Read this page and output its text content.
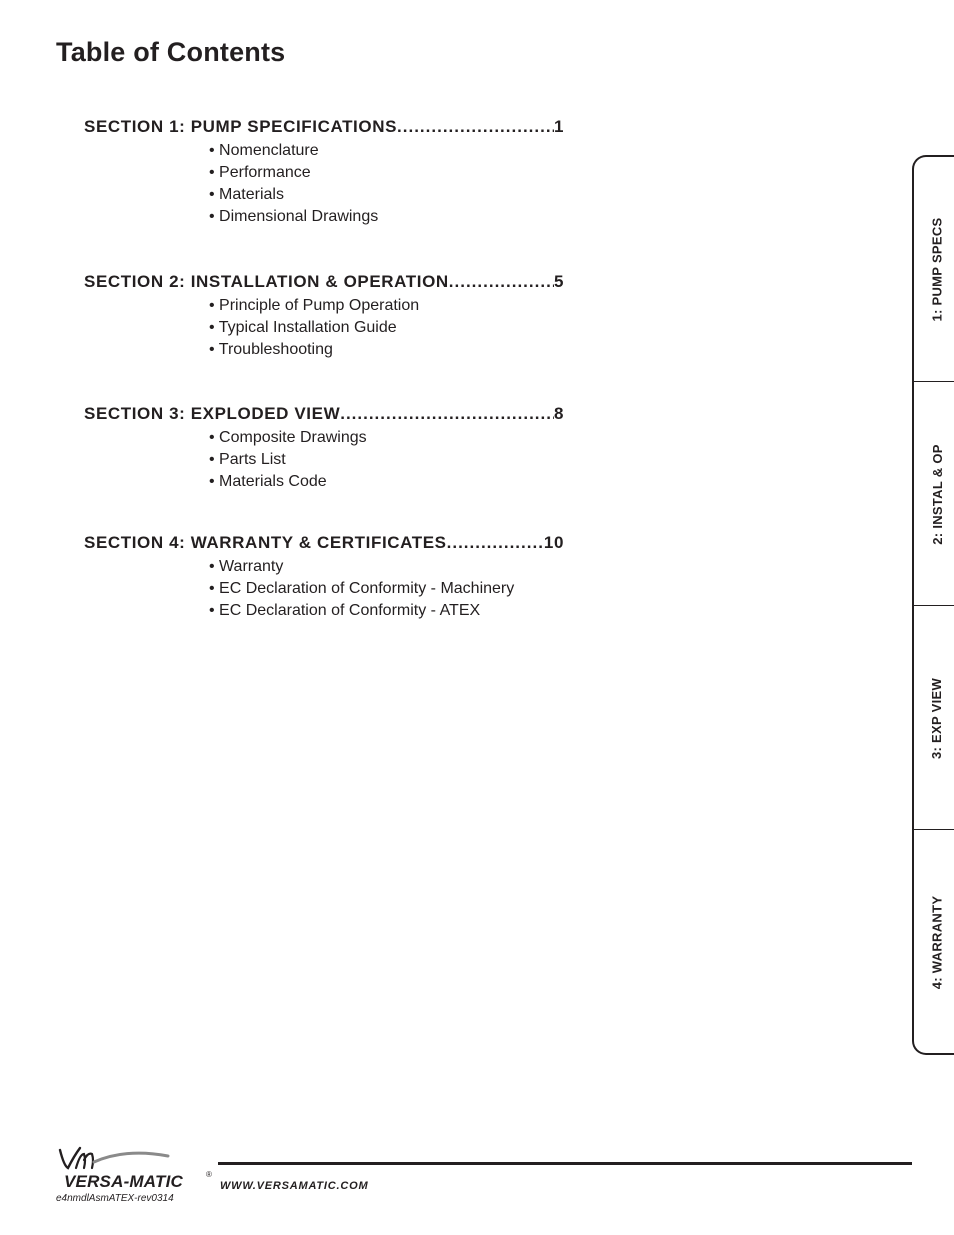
Table of Contents
SECTION 1: PUMP SPECIFICATIONS .....	1
• Nomenclature
• Performance
• Materials
• Dimensional Drawings
SECTION 2: INSTALLATION & OPERATION .....	5
• Principle of Pump Operation
• Typical Installation Guide
• Troubleshooting
SECTION 3: EXPLODED VIEW .....	8
• Composite Drawings
• Parts List
• Materials Code
SECTION 4: WARRANTY & CERTIFICATES .....	10
• Warranty
• EC Declaration of Conformity - Machinery
• EC Declaration of Conformity - ATEX
1: PUMP SPECS
2: INSTAL & OP
3: EXP VIEW
4: WARRANTY
VERSA-MATIC	®
WWW.VERSAMATIC.COM
e4nmdlAsmATEX-rev0314
